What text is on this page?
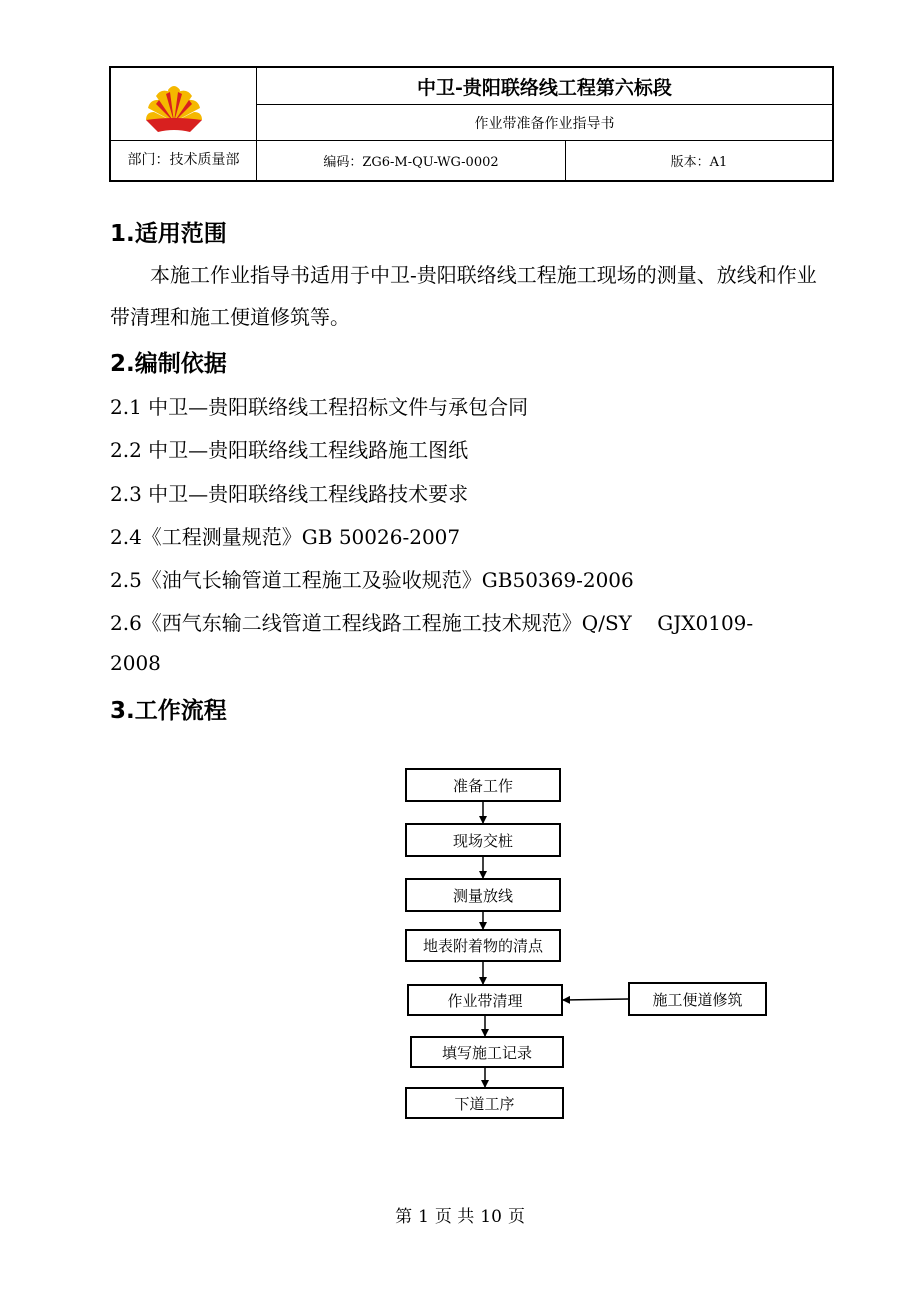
中卫-贵阳联络线工程第六标段
作业带准备作业指导书
部门：技术质量部	编码：ZG6-M-QU-WG-0002	版本：A1
1.适用范围
本施工作业指导书适用于中卫-贵阳联络线工程施工现场的测量、放线和作业带清理和施工便道修筑等。
2.编制依据
2.1 中卫—贵阳联络线工程招标文件与承包合同
2.2 中卫—贵阳联络线工程线路施工图纸
2.3 中卫—贵阳联络线工程线路技术要求
2.4《工程测量规范》GB 50026-2007
2.5《油气长输管道工程施工及验收规范》GB50369-2006
2.6《西气东输二线管道工程线路工程施工技术规范》Q/SY    GJX0109-
2008
3.工作流程
准备工作
现场交桩
测量放线
地表附着物的清点
作业带清理
填写施工记录
下道工序
施工便道修筑
第 1 页 共 10 页
